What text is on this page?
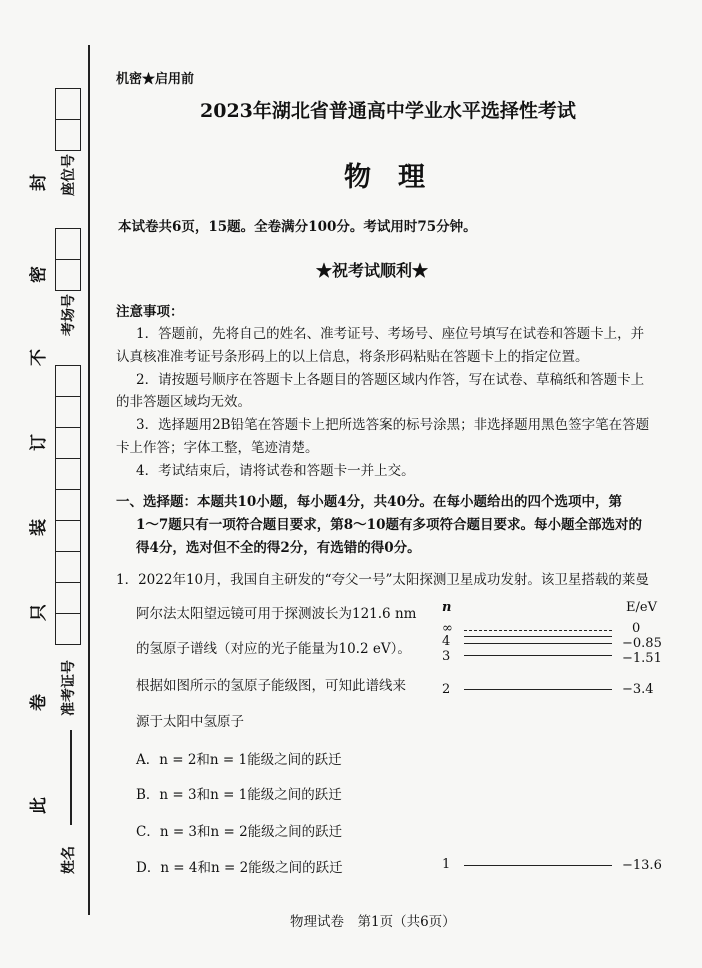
封
密
不
订
装
只
卷
此
座位号
考场号
准考证号
姓名
机密★启用前
2023年湖北省普通高中学业水平选择性考试
物　理
本试卷共6页，15题。全卷满分100分。考试用时75分钟。
★祝考试顺利★
注意事项：
1．答题前，先将自己的姓名、准考证号、考场号、座位号填写在试卷和答题卡上，并
认真核准准考证号条形码上的以上信息，将条形码粘贴在答题卡上的指定位置。
2．请按题号顺序在答题卡上各题目的答题区域内作答，写在试卷、草稿纸和答题卡上
的非答题区域均无效。
3．选择题用2B铅笔在答题卡上把所选答案的标号涂黑；非选择题用黑色签字笔在答题
卡上作答；字体工整，笔迹清楚。
4．考试结束后，请将试卷和答题卡一并上交。
一、选择题：本题共10小题，每小题4分，共40分。在每小题给出的四个选项中，第
1～7题只有一项符合题目要求，第8～10题有多项符合题目要求。每小题全部选对的
得4分，选对但不全的得2分，有选错的得0分。
1．2022年10月，我国自主研发的“夸父一号”太阳探测卫星成功发射。该卫星搭载的莱曼
阿尔法太阳望远镜可用于探测波长为121.6 nm
的氢原子谱线（对应的光子能量为10.2 eV）。
根据如图所示的氢原子能级图，可知此谱线来
源于太阳中氢原子
A．n = 2和n = 1能级之间的跃迁
B．n = 3和n = 1能级之间的跃迁
C．n = 3和n = 2能级之间的跃迁
D．n = 4和n = 2能级之间的跃迁
n	E/eV
∞	0
4	−0.85
3	−1.51
2	−3.4
1	−13.6
物理试卷　第1页（共6页）
